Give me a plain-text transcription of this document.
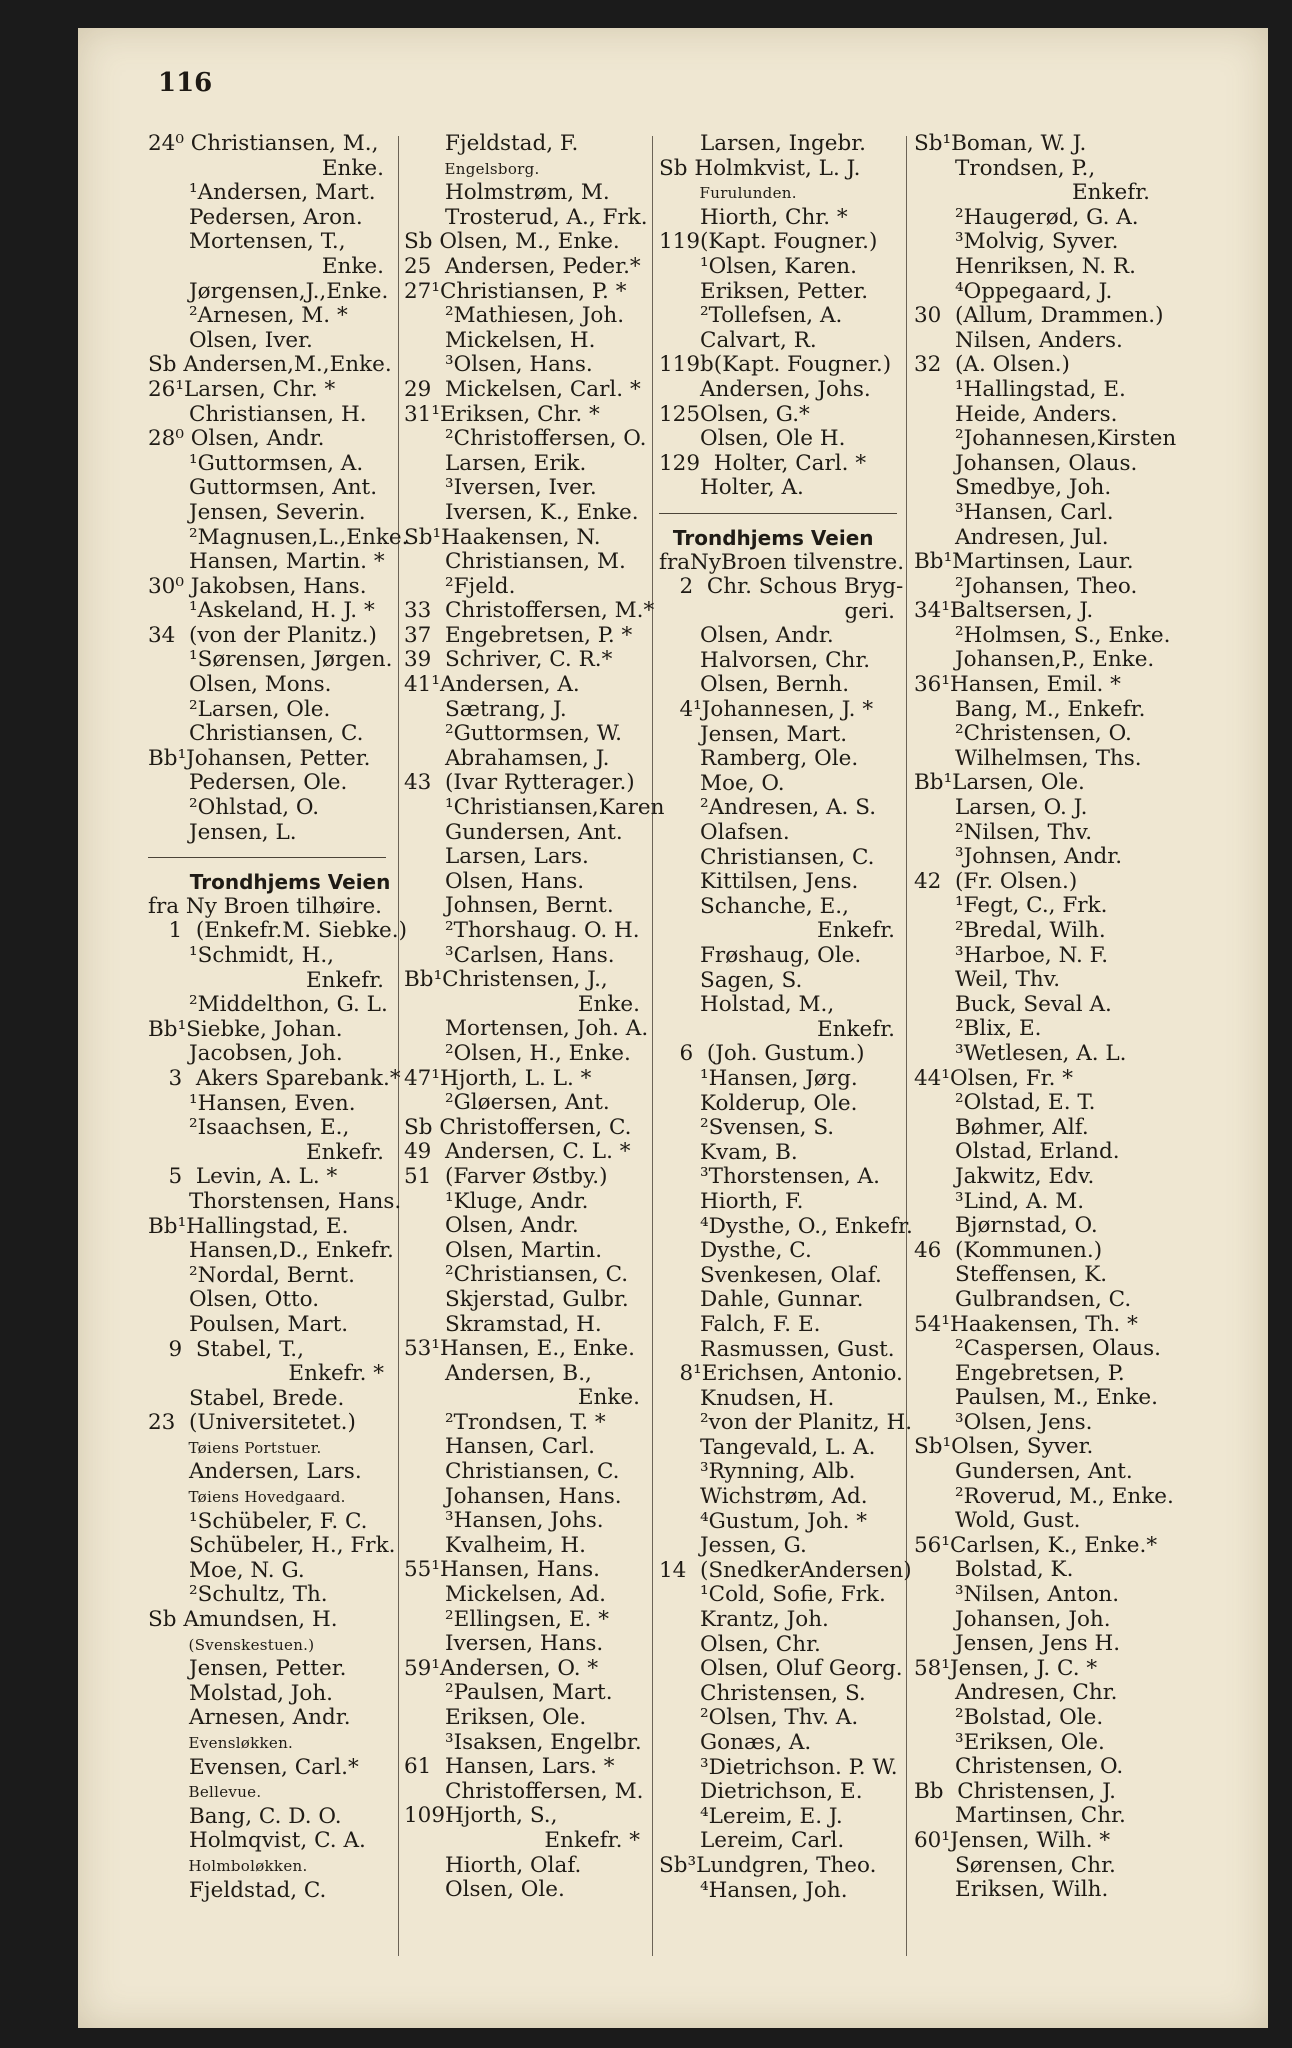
116
24⁰ Christiansen, M.,
Enke.
¹Andersen, Mart.
Pedersen, Aron.
Mortensen, T.,
Enke.
Jørgensen,J.,Enke.
²Arnesen, M. *
Olsen, Iver.
Sb Andersen,M.,Enke.
26¹Larsen, Chr. *
Christiansen, H.
28⁰ Olsen, Andr.
¹Guttormsen, A.
Guttormsen, Ant.
Jensen, Severin.
²Magnusen,L.,Enke.
Hansen, Martin. *
30⁰ Jakobsen, Hans.
¹Askeland, H. J. *
34  (von der Planitz.)
¹Sørensen, Jørgen.
Olsen, Mons.
²Larsen, Ole.
Christiansen, C.
Bb¹Johansen, Petter.
Pedersen, Ole.
²Ohlstad, O.
Jensen, L.
Trondhjems Veien
fra Ny Broen tilhøire.
1  (Enkefr.M. Siebke.)
¹Schmidt, H.,
Enkefr.
²Middelthon, G. L.
Bb¹Siebke, Johan.
Jacobsen, Joh.
3  Akers Sparebank.*
¹Hansen, Even.
²Isaachsen, E.,
Enkefr.
5  Levin, A. L. *
Thorstensen, Hans.
Bb¹Hallingstad, E.
Hansen,D., Enkefr.
²Nordal, Bernt.
Olsen, Otto.
Poulsen, Mart.
9  Stabel, T.,
Enkefr. *
Stabel, Brede.
23  (Universitetet.)
Tøiens Portstuer.
Andersen, Lars.
Tøiens Hovedgaard.
¹Schübeler, F. C.
Schübeler, H., Frk.
Moe, N. G.
²Schultz, Th.
Sb Amundsen, H.
(Svenskestuen.)
Jensen, Petter.
Molstad, Joh.
Arnesen, Andr.
Evensløkken.
Evensen, Carl.*
Bellevue.
Bang, C. D. O.
Holmqvist, C. A.
Holmboløkken.
Fjeldstad, C.
Fjeldstad, F.
Engelsborg.
Holmstrøm, M.
Trosterud, A., Frk.
Sb Olsen, M., Enke.
25  Andersen, Peder.*
27¹Christiansen, P. *
²Mathiesen, Joh.
Mickelsen, H.
³Olsen, Hans.
29  Mickelsen, Carl. *
31¹Eriksen, Chr. *
²Christoffersen, O.
Larsen, Erik.
³Iversen, Iver.
Iversen, K., Enke.
Sb¹Haakensen, N.
Christiansen, M.
²Fjeld.
33  Christoffersen, M.*
37  Engebretsen, P. *
39  Schriver, C. R.*
41¹Andersen, A.
Sætrang, J.
²Guttormsen, W.
Abrahamsen, J.
43  (Ivar Rytterager.)
¹Christiansen,Karen
Gundersen, Ant.
Larsen, Lars.
Olsen, Hans.
Johnsen, Bernt.
²Thorshaug. O. H.
³Carlsen, Hans.
Bb¹Christensen, J.,
Enke.
Mortensen, Joh. A.
²Olsen, H., Enke.
47¹Hjorth, L. L. *
²Gløersen, Ant.
Sb Christoffersen, C.
49  Andersen, C. L. *
51  (Farver Østby.)
¹Kluge, Andr.
Olsen, Andr.
Olsen, Martin.
²Christiansen, C.
Skjerstad, Gulbr.
Skramstad, H.
53¹Hansen, E., Enke.
Andersen, B.,
Enke.
²Trondsen, T. *
Hansen, Carl.
Christiansen, C.
Johansen, Hans.
³Hansen, Johs.
Kvalheim, H.
55¹Hansen, Hans.
Mickelsen, Ad.
²Ellingsen, E. *
Iversen, Hans.
59¹Andersen, O. *
²Paulsen, Mart.
Eriksen, Ole.
³Isaksen, Engelbr.
61  Hansen, Lars. *
Christoffersen, M.
109Hjorth, S.,
Enkefr. *
Hiorth, Olaf.
Olsen, Ole.
Larsen, Ingebr.
Sb Holmkvist, L. J.
Furulunden.
Hiorth, Chr. *
119(Kapt. Fougner.)
¹Olsen, Karen.
Eriksen, Petter.
²Tollefsen, A.
Calvart, R.
119b(Kapt. Fougner.)
Andersen, Johs.
125Olsen, G.*
Olsen, Ole H.
129  Holter, Carl. *
Holter, A.
Trondhjems Veien
fraNyBroen tilvenstre.
2  Chr. Schous Bryg-
geri.
Olsen, Andr.
Halvorsen, Chr.
Olsen, Bernh.
4¹Johannesen, J. *
Jensen, Mart.
Ramberg, Ole.
Moe, O.
²Andresen, A. S.
Olafsen.
Christiansen, C.
Kittilsen, Jens.
Schanche, E.,
Enkefr.
Frøshaug, Ole.
Sagen, S.
Holstad, M.,
Enkefr.
6  (Joh. Gustum.)
¹Hansen, Jørg.
Kolderup, Ole.
²Svensen, S.
Kvam, B.
³Thorstensen, A.
Hiorth, F.
⁴Dysthe, O., Enkefr.
Dysthe, C.
Svenkesen, Olaf.
Dahle, Gunnar.
Falch, F. E.
Rasmussen, Gust.
8¹Erichsen, Antonio.
Knudsen, H.
²von der Planitz, H.
Tangevald, L. A.
³Rynning, Alb.
Wichstrøm, Ad.
⁴Gustum, Joh. *
Jessen, G.
14  (SnedkerAndersen)
¹Cold, Sofie, Frk.
Krantz, Joh.
Olsen, Chr.
Olsen, Oluf Georg.
Christensen, S.
²Olsen, Thv. A.
Gonæs, A.
³Dietrichson. P. W.
Dietrichson, E.
⁴Lereim, E. J.
Lereim, Carl.
Sb³Lundgren, Theo.
⁴Hansen, Joh.
Sb¹Boman, W. J.
Trondsen, P.,
Enkefr.
²Haugerød, G. A.
³Molvig, Syver.
Henriksen, N. R.
⁴Oppegaard, J.
30  (Allum, Drammen.)
Nilsen, Anders.
32  (A. Olsen.)
¹Hallingstad, E.
Heide, Anders.
²Johannesen,Kirsten
Johansen, Olaus.
Smedbye, Joh.
³Hansen, Carl.
Andresen, Jul.
Bb¹Martinsen, Laur.
²Johansen, Theo.
34¹Baltsersen, J.
²Holmsen, S., Enke.
Johansen,P., Enke.
36¹Hansen, Emil. *
Bang, M., Enkefr.
²Christensen, O.
Wilhelmsen, Ths.
Bb¹Larsen, Ole.
Larsen, O. J.
²Nilsen, Thv.
³Johnsen, Andr.
42  (Fr. Olsen.)
¹Fegt, C., Frk.
²Bredal, Wilh.
³Harboe, N. F.
Weil, Thv.
Buck, Seval A.
²Blix, E.
³Wetlesen, A. L.
44¹Olsen, Fr. *
²Olstad, E. T.
Bøhmer, Alf.
Olstad, Erland.
Jakwitz, Edv.
³Lind, A. M.
Bjørnstad, O.
46  (Kommunen.)
Steffensen, K.
Gulbrandsen, C.
54¹Haakensen, Th. *
²Caspersen, Olaus.
Engebretsen, P.
Paulsen, M., Enke.
³Olsen, Jens.
Sb¹Olsen, Syver.
Gundersen, Ant.
²Roverud, M., Enke.
Wold, Gust.
56¹Carlsen, K., Enke.*
Bolstad, K.
³Nilsen, Anton.
Johansen, Joh.
Jensen, Jens H.
58¹Jensen, J. C. *
Andresen, Chr.
²Bolstad, Ole.
³Eriksen, Ole.
Christensen, O.
Bb  Christensen, J.
Martinsen, Chr.
60¹Jensen, Wilh. *
Sørensen, Chr.
Eriksen, Wilh.
